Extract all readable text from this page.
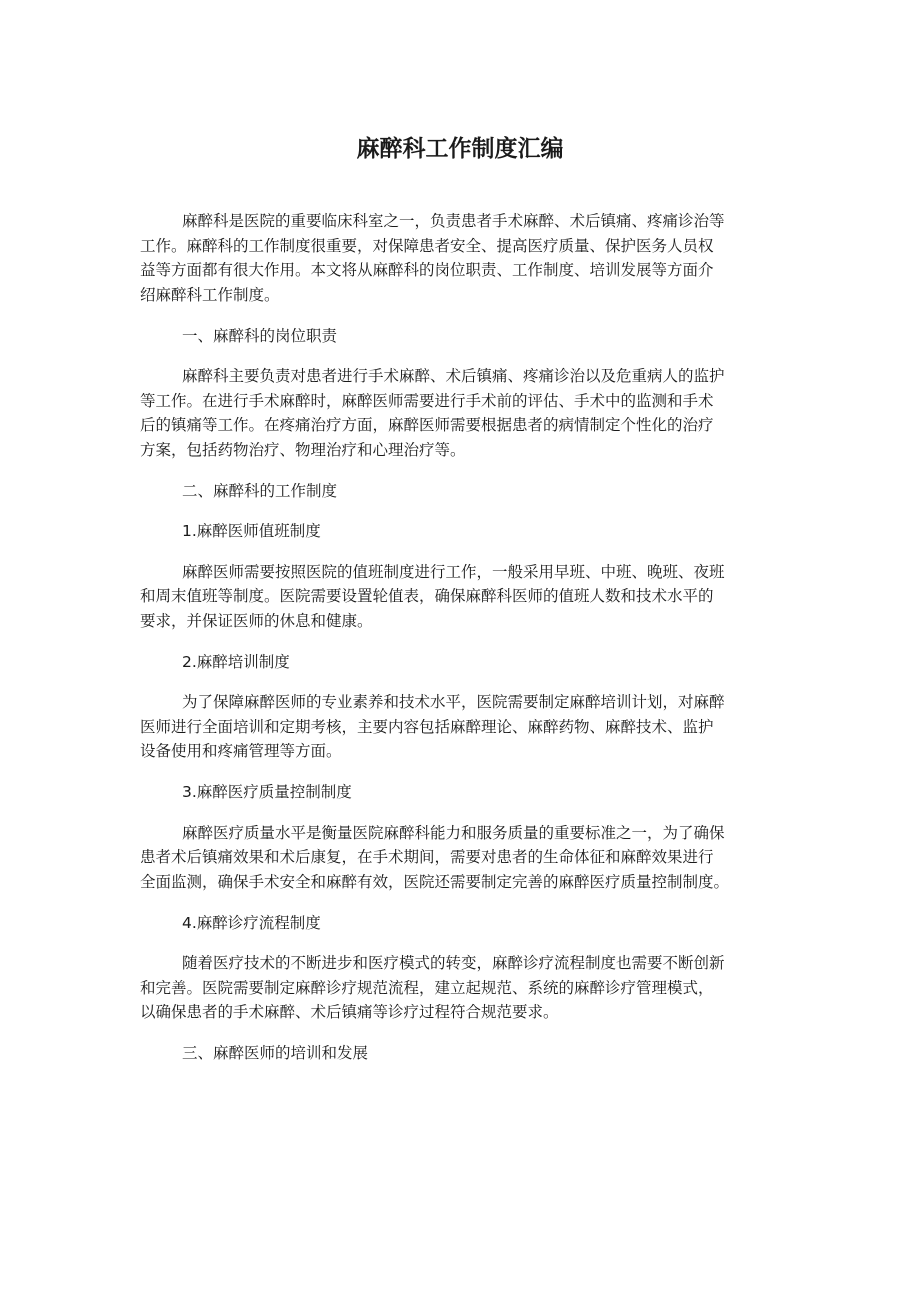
麻醉科工作制度汇编

麻醉科是医院的重要临床科室之一，负责患者手术麻醉、术后镇痛、疼痛诊治等
工作。麻醉科的工作制度很重要，对保障患者安全、提高医疗质量、保护医务人员权
益等方面都有很大作用。本文将从麻醉科的岗位职责、工作制度、培训发展等方面介
绍麻醉科工作制度。

一、麻醉科的岗位职责

麻醉科主要负责对患者进行手术麻醉、术后镇痛、疼痛诊治以及危重病人的监护
等工作。在进行手术麻醉时，麻醉医师需要进行手术前的评估、手术中的监测和手术
后的镇痛等工作。在疼痛治疗方面，麻醉医师需要根据患者的病情制定个性化的治疗
方案，包括药物治疗、物理治疗和心理治疗等。

二、麻醉科的工作制度

1.麻醉医师值班制度

麻醉医师需要按照医院的值班制度进行工作，一般采用早班、中班、晚班、夜班
和周末值班等制度。医院需要设置轮值表，确保麻醉科医师的值班人数和技术水平的
要求，并保证医师的休息和健康。

2.麻醉培训制度

为了保障麻醉医师的专业素养和技术水平，医院需要制定麻醉培训计划，对麻醉
医师进行全面培训和定期考核，主要内容包括麻醉理论、麻醉药物、麻醉技术、监护
设备使用和疼痛管理等方面。

3.麻醉医疗质量控制制度

麻醉医疗质量水平是衡量医院麻醉科能力和服务质量的重要标准之一，为了确保
患者术后镇痛效果和术后康复，在手术期间，需要对患者的生命体征和麻醉效果进行
全面监测，确保手术安全和麻醉有效，医院还需要制定完善的麻醉医疗质量控制制度。

4.麻醉诊疗流程制度

随着医疗技术的不断进步和医疗模式的转变，麻醉诊疗流程制度也需要不断创新
和完善。医院需要制定麻醉诊疗规范流程，建立起规范、系统的麻醉诊疗管理模式，
以确保患者的手术麻醉、术后镇痛等诊疗过程符合规范要求。

三、麻醉医师的培训和发展
